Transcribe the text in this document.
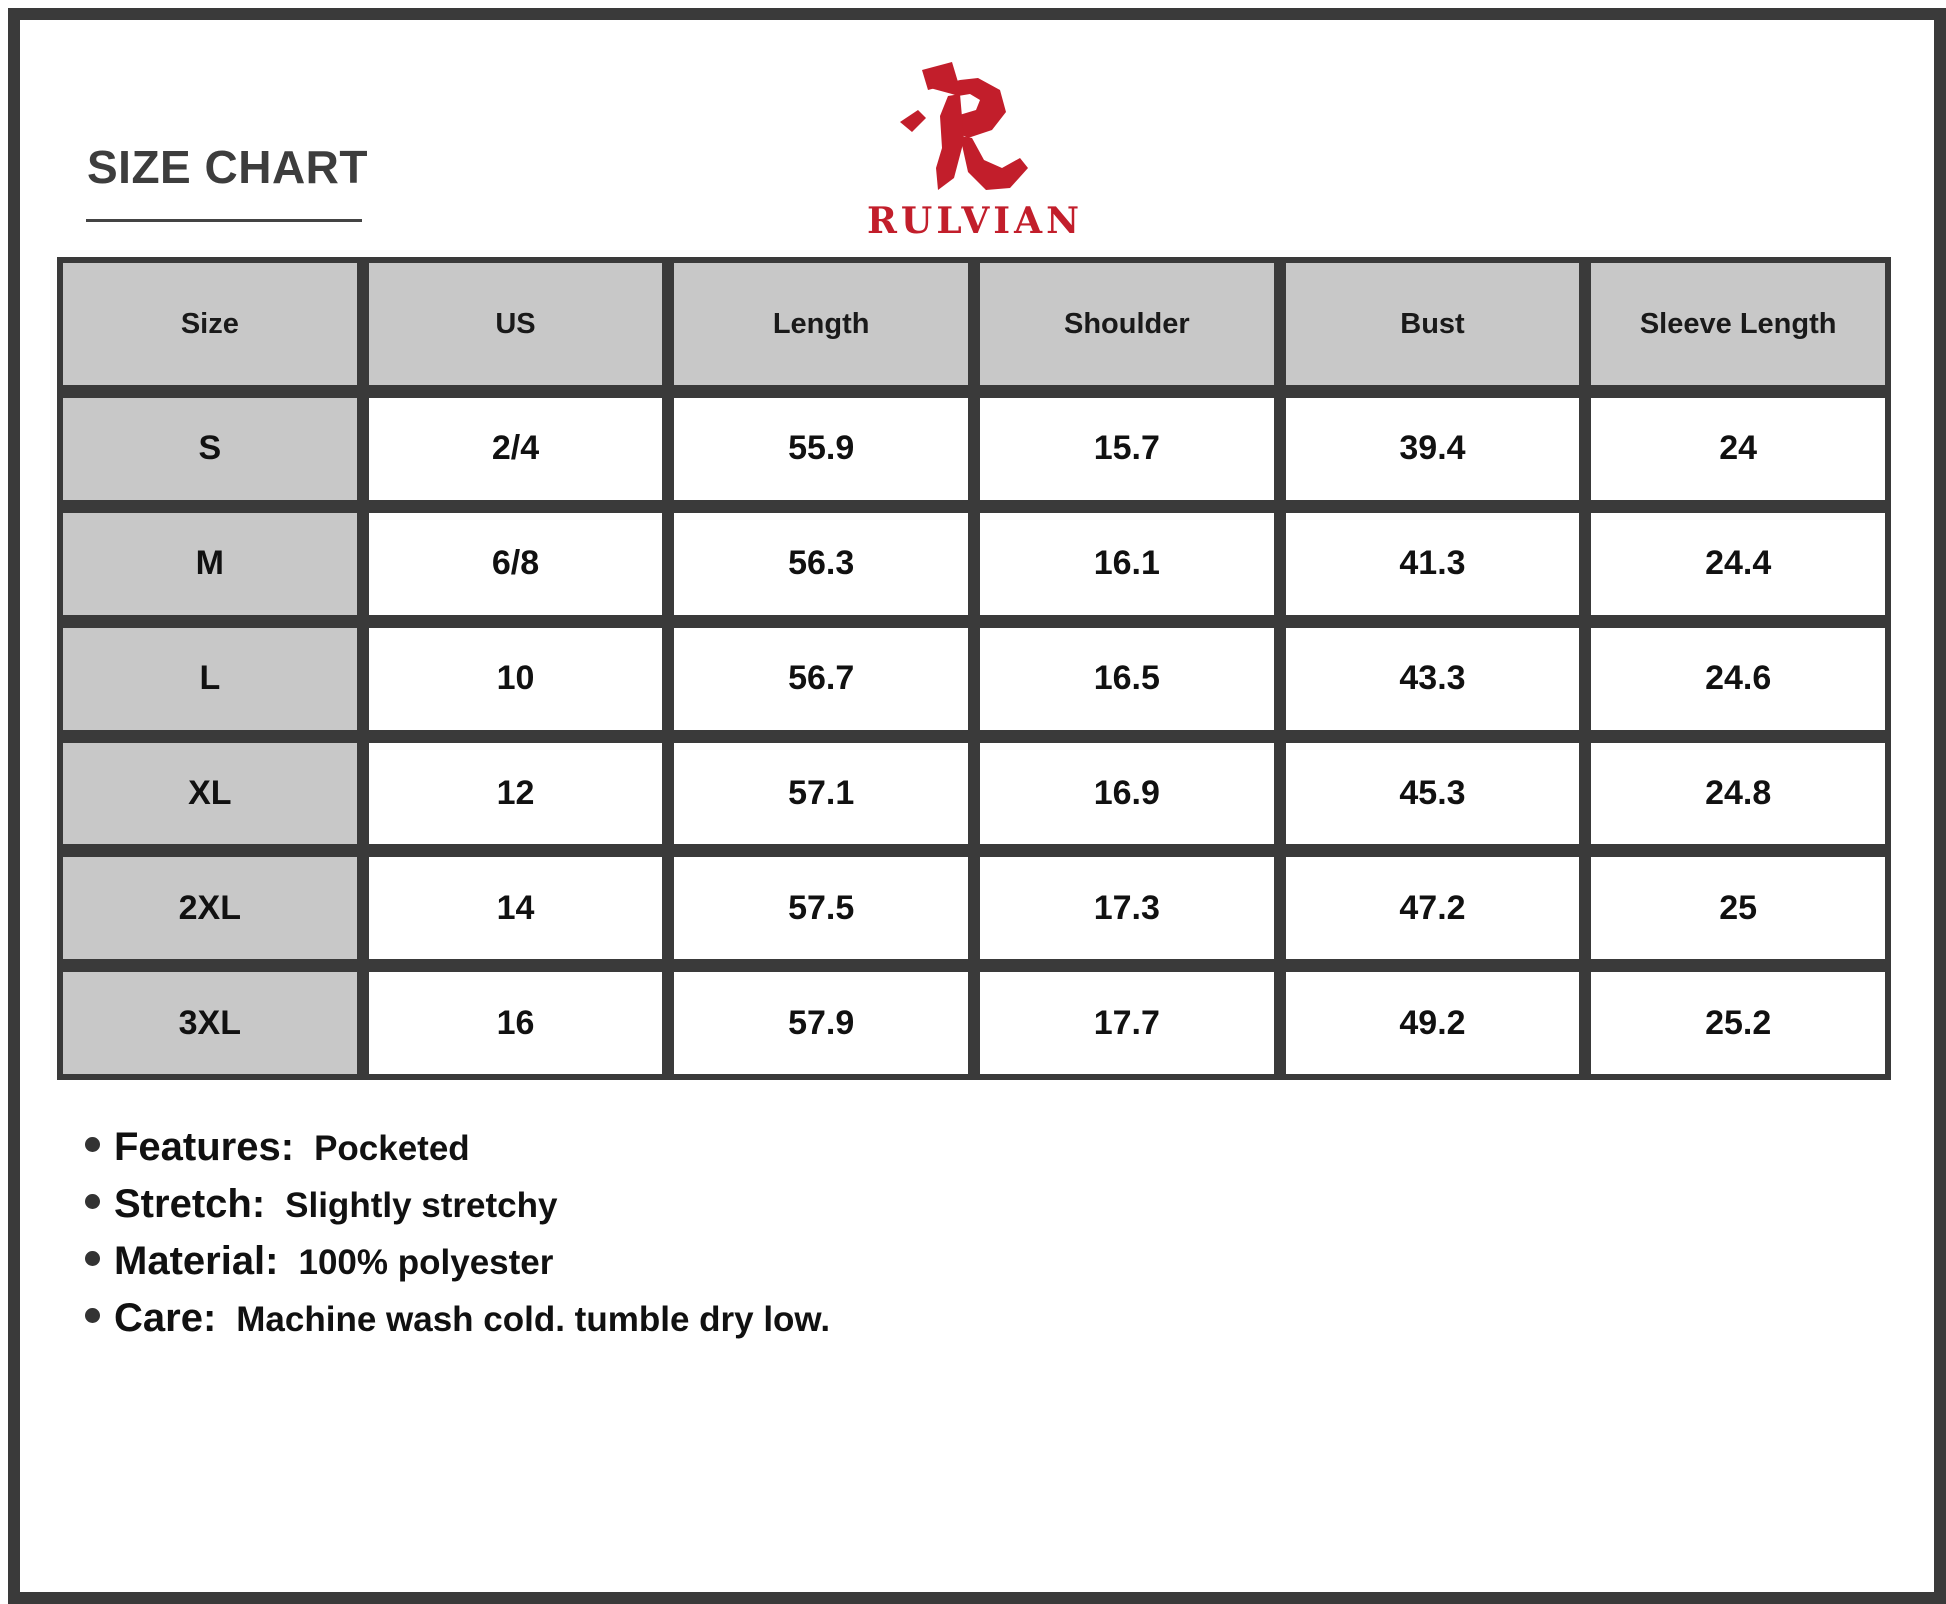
SIZE CHART
RULVIAN
Size	US	Length	Shoulder	Bust	Sleeve Length
S	2/4	55.9	15.7	39.4	24
M	6/8	56.3	16.1	41.3	24.4
L	10	56.7	16.5	43.3	24.6
XL	12	57.1	16.9	45.3	24.8
2XL	14	57.5	17.3	47.2	25
3XL	16	57.9	17.7	49.2	25.2
Features: Pocketed
Stretch: Slightly stretchy
Material: 100% polyester
Care: Machine wash cold. tumble dry low.
